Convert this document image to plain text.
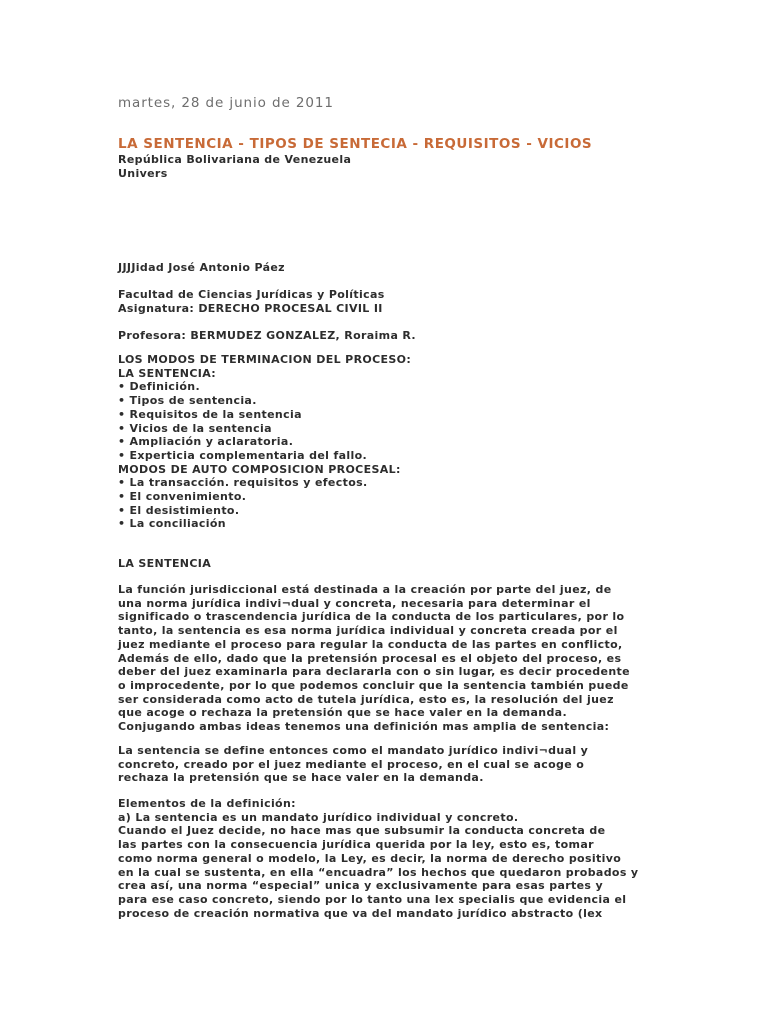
martes, 28 de junio de 2011
LA SENTENCIA - TIPOS DE SENTECIA - REQUISITOS - VICIOS
República Bolivariana de Venezuela
Univers
JJJJidad José Antonio Páez
Facultad de Ciencias Jurídicas y Políticas
Asignatura: DERECHO PROCESAL CIVIL II
Profesora: BERMUDEZ GONZALEZ, Roraima R.
LOS MODOS DE TERMINACION DEL PROCESO:
LA SENTENCIA:
• Definición.
• Tipos de sentencia.
• Requisitos de la sentencia
• Vicios de la sentencia
• Ampliación y aclaratoria.
• Experticia complementaria del fallo.
MODOS DE AUTO COMPOSICION PROCESAL:
• La transacción. requisitos y efectos.
• El convenimiento.
• El desistimiento.
• La conciliación
LA SENTENCIA
La función jurisdiccional está destinada a la creación por parte del juez, de
una norma jurídica indivi¬dual y concreta, necesaria para determinar el
significado o trascendencia jurídica de la conducta de los particulares, por lo
tanto, la sentencia es esa norma jurídica individual y concreta creada por el
juez mediante el proceso para regular la conducta de las partes en conflicto,
Además de ello, dado que la pretensión procesal es el objeto del proceso, es
deber del juez examinarla para declararla con o sin lugar, es decir procedente
o improcedente, por lo que podemos concluir que la sentencia también puede
ser considerada como acto de tutela jurídica, esto es, la resolución del juez
que acoge o rechaza la pretensión que se hace valer en la demanda.
Conjugando ambas ideas tenemos una definición mas amplia de sentencia:
La sentencia se define entonces como el mandato jurídico indivi¬dual y
concreto, creado por el juez mediante el proceso, en el cual se acoge o
rechaza la pretensión que se hace valer en la demanda.
Elementos de la definición:
a) La sentencia es un mandato jurídico individual y concreto.
Cuando el Juez decide, no hace mas que subsumir la conducta concreta de
las partes con la consecuencia jurídica querida por la ley, esto es, tomar
como norma general o modelo, la Ley, es decir, la norma de derecho positivo
en la cual se sustenta, en ella “encuadra” los hechos que quedaron probados y
crea así, una norma “especial” unica y exclusivamente para esas partes y
para ese caso concreto, siendo por lo tanto una lex specialis que evidencia el
proceso de creación normativa que va del mandato jurídico abstracto (lex
